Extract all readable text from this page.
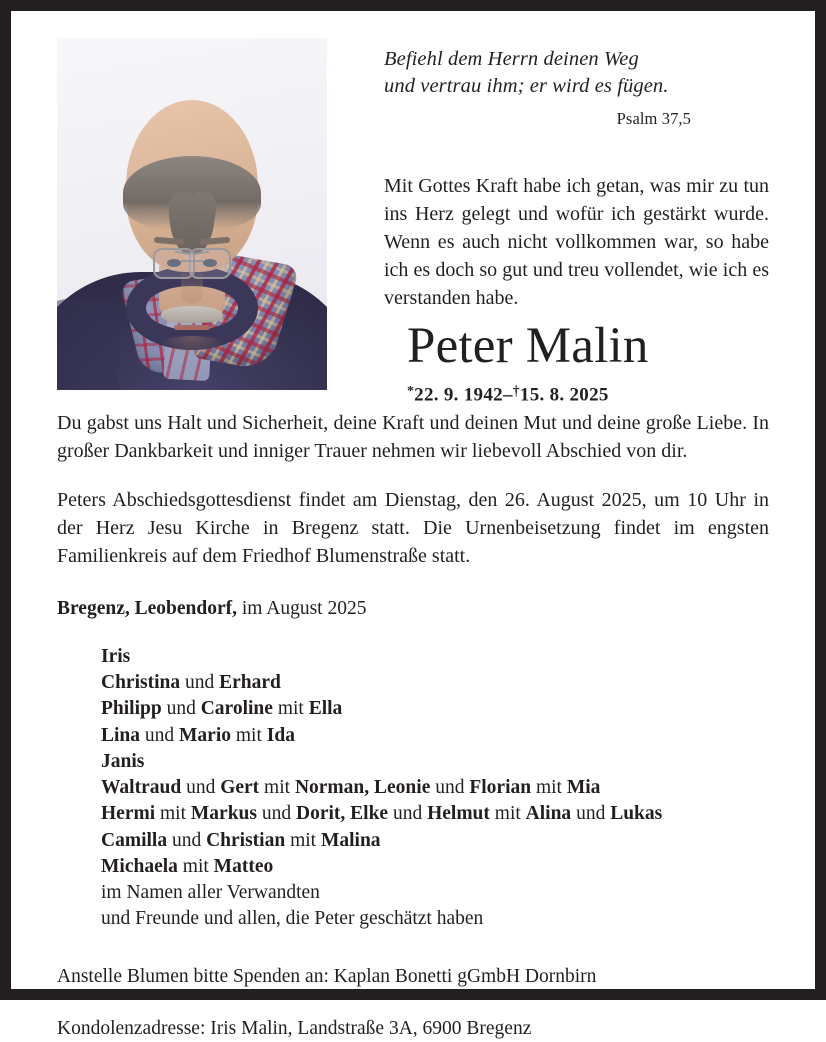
Befiehl dem Herrn deinen Weg
und vertrau ihm; er wird es fügen.
Psalm 37,5
Mit Gottes Kraft habe ich getan, was mir zu tun ins Herz gelegt und wofür ich gestärkt wurde. Wenn es auch nicht vollkommen war, so habe ich es doch so gut und treu vollendet, wie ich es verstanden habe.
Peter Malin
*22. 9. 1942–†15. 8. 2025
Du gabst uns Halt und Sicherheit, deine Kraft und deinen Mut und deine große Liebe. In großer Dankbarkeit und inniger Trauer nehmen wir liebevoll Abschied von dir.
Peters Abschiedsgottesdienst findet am Dienstag, den 26. August 2025, um 10 Uhr in der Herz Jesu Kirche in Bregenz statt. Die Urnenbeisetzung findet im engsten Familienkreis auf dem Friedhof Blumenstraße statt.
Bregenz, Leobendorf, im August 2025
Iris
Christina und Erhard
Philipp und Caroline mit Ella
Lina und Mario mit Ida
Janis
Waltraud und Gert mit Norman, Leonie und Florian mit Mia
Hermi mit Markus und Dorit, Elke und Helmut mit Alina und Lukas
Camilla und Christian mit Malina
Michaela mit Matteo
im Namen aller Verwandten
und Freunde und allen, die Peter geschätzt haben
Anstelle Blumen bitte Spenden an: Kaplan Bonetti gGmbH Dornbirn
Kondolenzadresse: Iris Malin, Landstraße 3A, 6900 Bregenz
